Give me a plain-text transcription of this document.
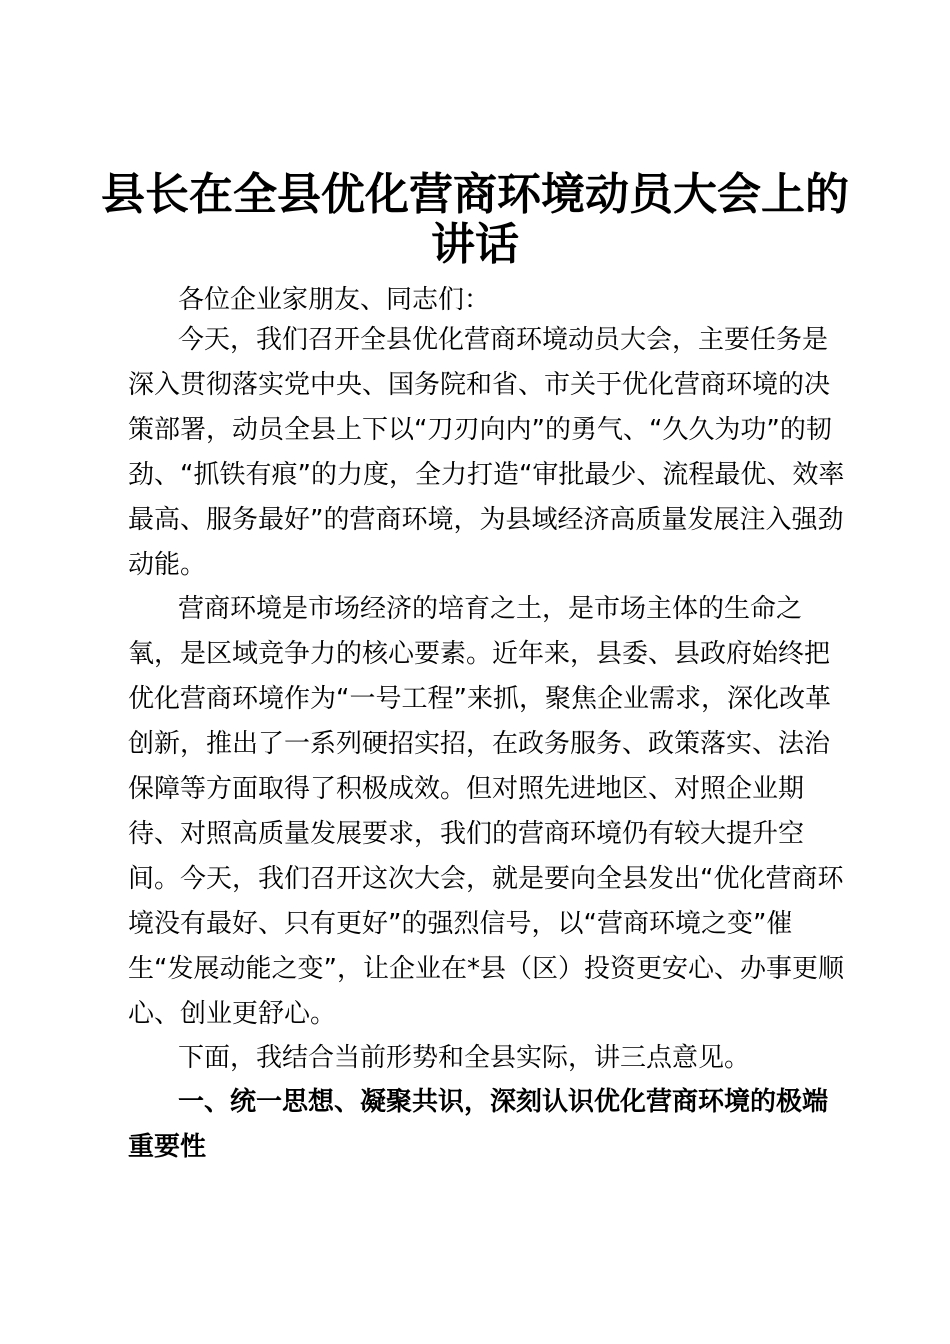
县长在全县优化营商环境动员大会上的
讲话
各位企业家朋友、同志们：
今天，我们召开全县优化营商环境动员大会，主要任务是
深入贯彻落实党中央、国务院和省、市关于优化营商环境的决
策部署，动员全县上下以“刀刃向内”的勇气、“久久为功”的韧
劲、“抓铁有痕”的力度，全力打造“审批最少、流程最优、效率
最高、服务最好”的营商环境，为县域经济高质量发展注入强劲
动能。
营商环境是市场经济的培育之土，是市场主体的生命之
氧，是区域竞争力的核心要素。近年来，县委、县政府始终把
优化营商环境作为“一号工程”来抓，聚焦企业需求，深化改革
创新，推出了一系列硬招实招，在政务服务、政策落实、法治
保障等方面取得了积极成效。但对照先进地区、对照企业期
待、对照高质量发展要求，我们的营商环境仍有较大提升空
间。今天，我们召开这次大会，就是要向全县发出“优化营商环
境没有最好、只有更好”的强烈信号，以“营商环境之变”催
生“发展动能之变”，让企业在*县（区）投资更安心、办事更顺
心、创业更舒心。
下面，我结合当前形势和全县实际，讲三点意见。
一、统一思想、凝聚共识，深刻认识优化营商环境的极端
重要性
